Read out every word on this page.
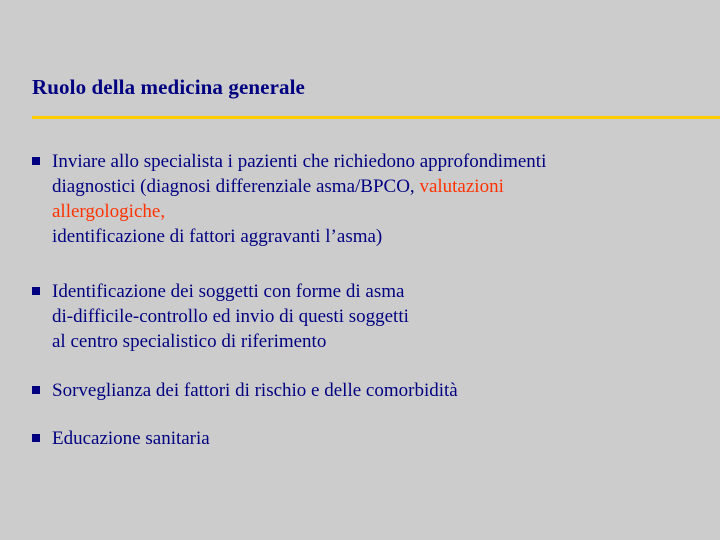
Ruolo della medicina generale
Inviare allo specialista i pazienti che richiedono approfondimenti
diagnostici (diagnosi differenziale asma/BPCO, valutazioni
allergologiche,
identificazione di fattori aggravanti l’asma)
Identificazione dei soggetti con forme di asma
di-difficile-controllo ed invio di questi soggetti
al centro specialistico di riferimento
Sorveglianza dei fattori di rischio e delle comorbidità
Educazione sanitaria
